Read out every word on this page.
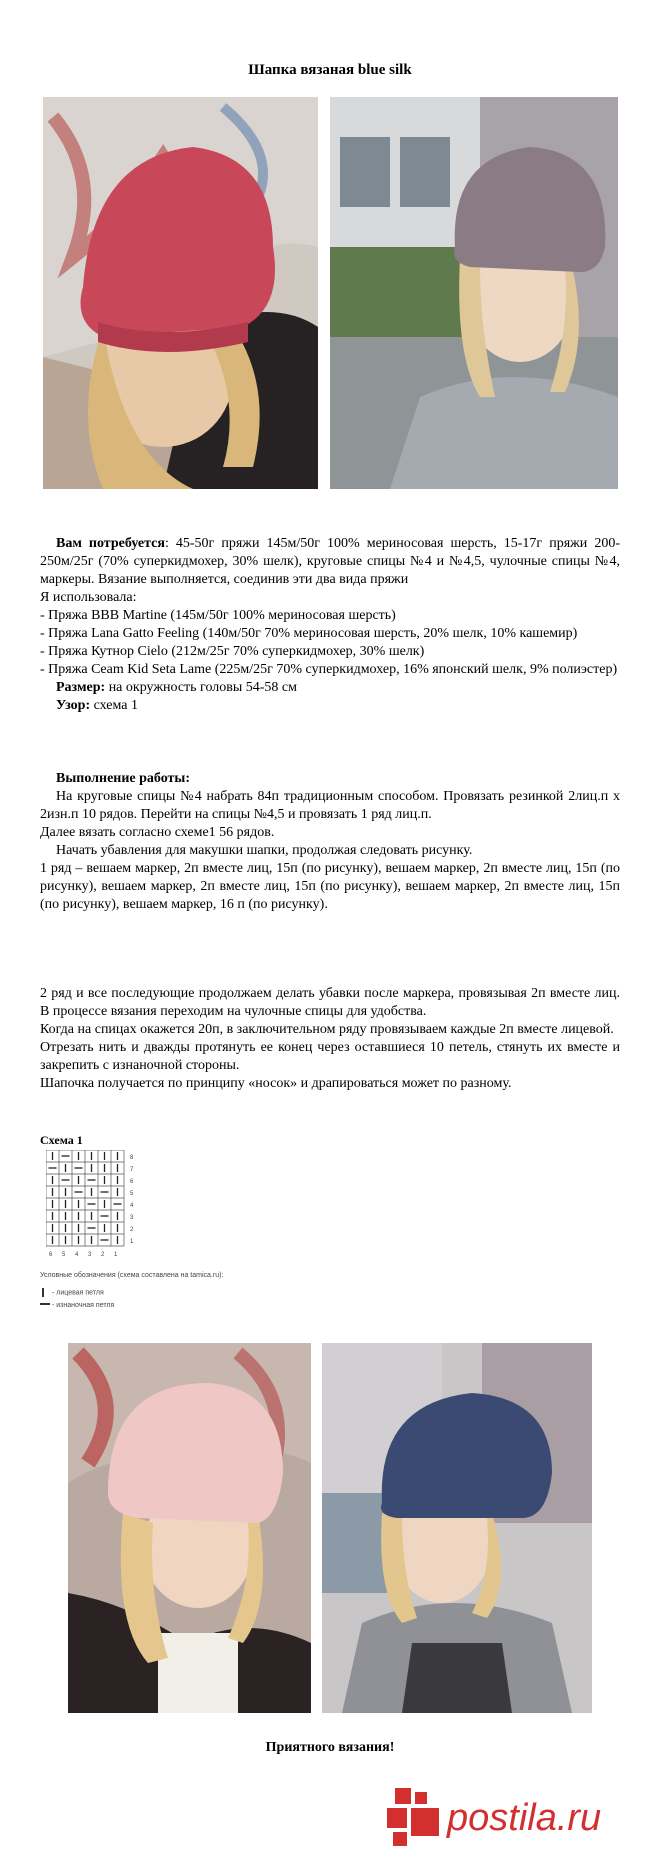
Шапка вязаная blue silk

Вам потребуется: 45-50г пряжи 145м/50г 100% мериносовая шерсть, 15-17г пряжи 200-250м/25г (70% суперкидмохер, 30% шелк), круговые спицы №4 и №4,5, чулочные спицы №4, маркеры. Вязание выполняется, соединив эти два вида пряжи

Я использовала:

- Пряжа BBB Martine (145м/50г 100% мериносовая шерсть)

- Пряжа Lana Gatto Feeling (140м/50г 70% мериносовая шерсть, 20% шелк, 10% кашемир)

- Пряжа Кутнор Cielo (212м/25г 70% суперкидмохер, 30% шелк)

- Пряжа Ceam Kid Seta Lame (225м/25г 70% суперкидмохер, 16% японский шелк, 9% полиэстер)

Размер: на окружность головы 54-58 см

Узор: схема 1

Выполнение работы:

На круговые спицы №4 набрать 84п традиционным способом. Провязать резинкой 2лиц.п х 2изн.п 10 рядов. Перейти на спицы №4,5 и провязать 1 ряд лиц.п.

Далее вязать согласно схеме1 56 рядов.

Начать убавления для макушки шапки, продолжая следовать рисунку.

1 ряд – вешаем маркер, 2п вместе лиц, 15п (по рисунку), вешаем маркер, 2п вместе лиц, 15п (по рисунку), вешаем маркер, 2п вместе лиц, 15п (по рисунку), вешаем маркер, 2п вместе лиц, 15п (по рисунку), вешаем маркер, 16 п (по рисунку).

2 ряд и все последующие продолжаем делать убавки после маркера, провязывая 2п вместе лиц. В процессе вязания переходим на чулочные спицы для удобства.

Когда на спицах окажется 20п, в заключительном ряду провязываем каждые 2п вместе лицевой.

Отрезать нить и дважды протянуть ее конец через оставшиеся 10 петель, стянуть их вместе и закрепить с изнаночной стороны.

Шапочка получается по принципу «носок» и драпироваться может по разному.

Схема 1
8
7
6
5
4
3
2
1
6 5 4 3 2 1
Условные обозначения (схема составлена на tamica.ru):
- лицевая петля
- изнаночная петля
Приятного вязания!
postila.ru
